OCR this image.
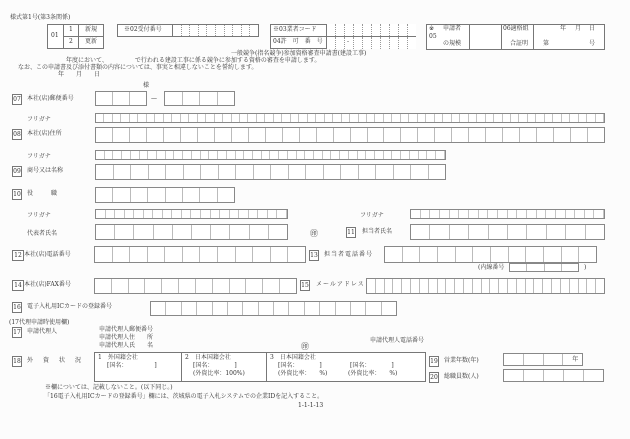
様式第1号(第3条関係)
01
1 新規
2 更新
※02受付番号	※03業者コード
04許　可　番　号	-
※
05
申請者
の規模
06適格組
合証明
年 月 日
第	号
一般競争(指名競争)参加資格審査申請書(建設工事)
年度において、　　　　　で行われる建設工事に係る競争に参加する資格の審査を申請します。
なお、この申請書及び添付書類の内容については、事実と相違しないことを誓約します。
年　　月　　日
様
07 本社(店)郵便番号	—
フリガナ
08 本社(店)住所
フリガナ
09 商号又は名称
10 役　　　職
フリガナ
代表者氏名	㊞
フリガナ
11 担当者氏名
12 本社(店)電話番号	13 担当者電話番号
(内線番号	)
14 本社(店)FAX番号	15 メールアドレス
16 電子入札用ICカードの登録番号
(17代理申請時使用欄)
17 申請代理人	申請代理人郵便番号
申請代理人住　　所
申請代理人氏　　名
申請代理人電話番号
㊞
18 外　資　状　況 1　外国籍会社
[国名：　　　　　]
2　日本国籍会社
[国名：　　　　]
(外資比率：100%)
3　日本国籍会社
[国名：　　　　]	[国名：　　　　]
(外資比率：　　%)	(外資比率：　　%)
19 営業年数(年)	年
20 総職員数(人)
※欄については、記載しないこと。(以下同じ。)
「16電子入札用ICカードの登録番号」欄には、茨城県の電子入札システムでの企業IDを記入すること。
1-1-1-13
